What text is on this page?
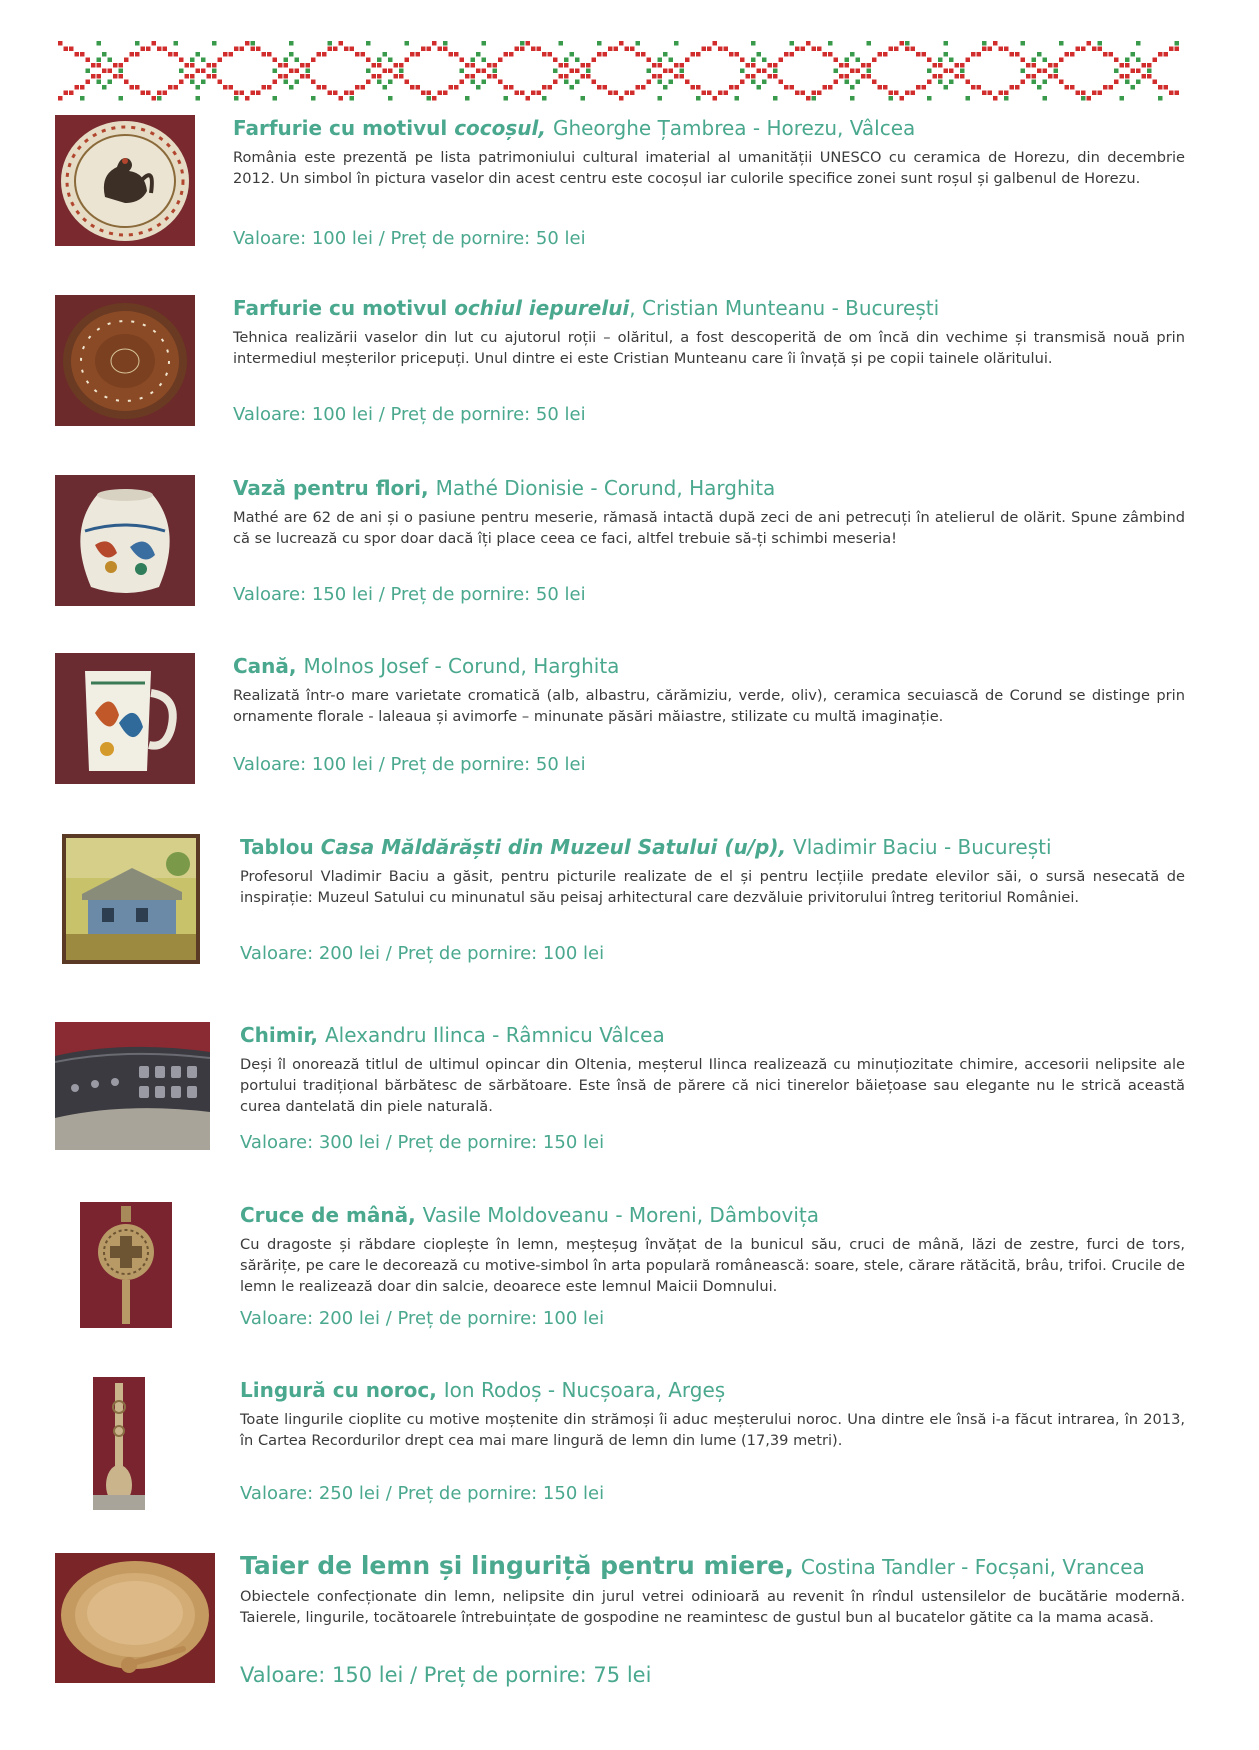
Farfurie cu motivul cocoșul, Gheorghe Țambrea - Horezu, Vâlcea

România este prezentă pe lista patrimoniului cultural imaterial al umanității UNESCO cu ceramica de Horezu, din decembrie 2012. Un simbol în pictura vaselor din acest centru este cocoșul iar culorile specifice zonei sunt roșul și galbenul de Horezu.

Valoare: 100 lei / Preț de pornire: 50 lei
Farfurie cu motivul ochiul iepurelui, Cristian Munteanu - București

Tehnica realizării vaselor din lut cu ajutorul roții – olăritul, a fost descoperită de om încă din vechime și transmisă nouă prin intermediul meșterilor pricepuți. Unul dintre ei este Cristian Munteanu care îi învață și pe copii tainele olăritului.

Valoare: 100 lei / Preț de pornire: 50 lei
Vază pentru flori, Mathé Dionisie - Corund, Harghita

Mathé are 62 de ani și o pasiune pentru meserie, rămasă intactă după zeci de ani petrecuți în atelierul de olărit. Spune zâmbind că se lucrează cu spor doar dacă îți place ceea ce faci, altfel trebuie să-ți schimbi meseria!

Valoare: 150 lei / Preț de pornire: 50 lei
Cană, Molnos Josef - Corund, Harghita

Realizată într-o mare varietate cromatică (alb, albastru, cărămiziu, verde, oliv), ceramica secuiască de Corund se distinge prin ornamente florale - laleaua și avimorfe – minunate păsări măiastre, stilizate cu multă imaginație.

Valoare: 100 lei / Preț de pornire: 50 lei
Tablou Casa Măldărăști din Muzeul Satului (u/p), Vladimir Baciu - București

Profesorul Vladimir Baciu a găsit, pentru picturile realizate de el și pentru lecțiile predate elevilor săi, o sursă nesecată de inspirație: Muzeul Satului cu minunatul său peisaj arhitectural care dezvăluie privitorului întreg teritoriul României.

Valoare: 200 lei / Preț de pornire: 100 lei
Chimir, Alexandru Ilinca - Râmnicu Vâlcea

Deși îl onorează titlul de ultimul opincar din Oltenia, meșterul Ilinca realizează cu minuțiozitate chimire, accesorii nelipsite ale portului tradițional bărbătesc de sărbătoare. Este însă de părere că nici tinerelor băiețoase sau elegante nu le strică această curea dantelată din piele naturală.

Valoare: 300 lei / Preț de pornire: 150 lei
Cruce de mână, Vasile Moldoveanu - Moreni, Dâmbovița

Cu dragoste și răbdare cioplește în lemn, meșteșug învățat de la bunicul său, cruci de mână, lăzi de zestre, furci de tors, sărărițe, pe care le decorează cu motive-simbol în arta populară românească: soare, stele, cărare rătăcită, brâu, trifoi. Crucile de lemn le realizează doar din salcie, deoarece este lemnul Maicii Domnului.

Valoare: 200 lei / Preț de pornire: 100 lei
Lingură cu noroc, Ion Rodoș - Nucșoara, Argeș

Toate lingurile cioplite cu motive moștenite din strămoși îi aduc meșterului noroc. Una dintre ele însă i-a făcut intrarea, în 2013, în Cartea Recordurilor drept cea mai mare lingură de lemn din lume (17,39 metri).

Valoare: 250 lei / Preț de pornire: 150 lei
Taier de lemn și linguriță pentru miere, Costina Tandler - Focșani, Vrancea

Obiectele confecționate din lemn, nelipsite din jurul vetrei odinioară au revenit în rîndul ustensilelor de bucătărie modernă. Taierele, lingurile, tocătoarele întrebuințate de gospodine ne reamintesc de gustul bun al bucatelor gătite ca la mama acasă.

Valoare: 150 lei / Preț de pornire: 75 lei
